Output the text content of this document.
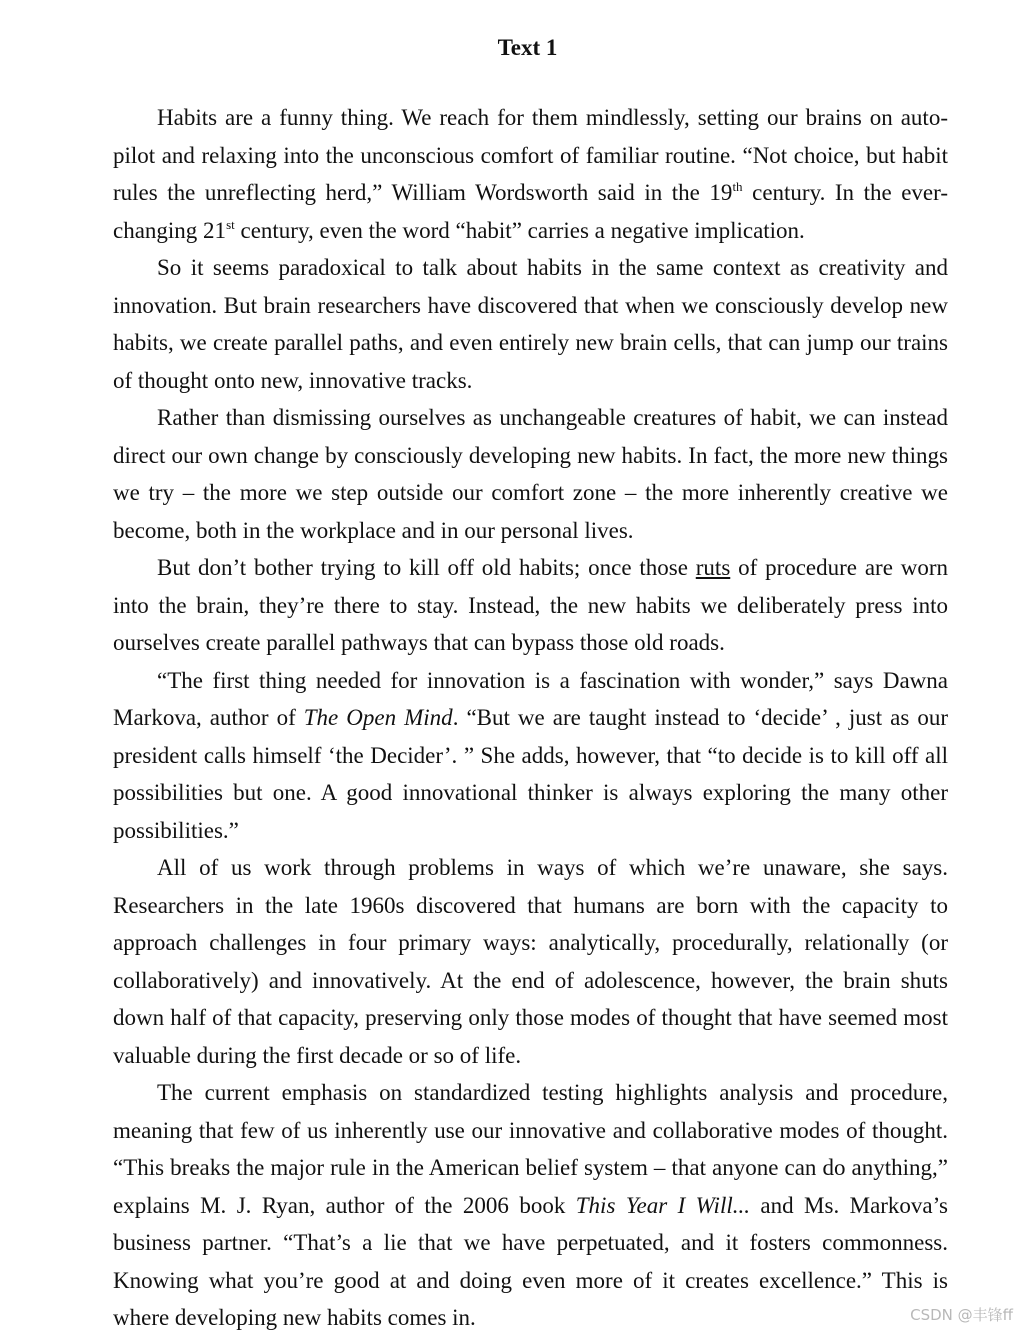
Text 1

Habits are a funny thing. We reach for them mindlessly, setting our brains on auto-pilot and relaxing into the unconscious comfort of familiar routine. “Not choice, but habit rules the unreflecting herd,” William Wordsworth said in the 19th century. In the ever-changing 21st century, even the word “habit” carries a negative implication.

So it seems paradoxical to talk about habits in the same context as creativity and innovation. But brain researchers have discovered that when we consciously develop new habits, we create parallel paths, and even entirely new brain cells, that can jump our trains of thought onto new, innovative tracks.

Rather than dismissing ourselves as unchangeable creatures of habit, we can instead direct our own change by consciously developing new habits. In fact, the more new things we try – the more we step outside our comfort zone – the more inherently creative we become, both in the workplace and in our personal lives.

But don’t bother trying to kill off old habits; once those ruts of procedure are worn into the brain, they’re there to stay. Instead, the new habits we deliberately press into ourselves create parallel pathways that can bypass those old roads.

“The first thing needed for innovation is a fascination with wonder,” says Dawna Markova, author of The Open Mind. “But we are taught instead to ‘decide’ , just as our president calls himself ‘the Decider’. ” She adds, however, that “to decide is to kill off all possibilities but one. A good innovational thinker is always exploring the many other possibilities.”

All of us work through problems in ways of which we’re unaware, she says. Researchers in the late 1960s discovered that humans are born with the capacity to approach challenges in four primary ways: analytically, procedurally, relationally (or collaboratively) and innovatively. At the end of adolescence, however, the brain shuts down half of that capacity, preserving only those modes of thought that have seemed most valuable during the first decade or so of life.

The current emphasis on standardized testing highlights analysis and procedure, meaning that few of us inherently use our innovative and collaborative modes of thought. “This breaks the major rule in the American belief system – that anyone can do anything,” explains M. J. Ryan, author of the 2006 book This Year I Will... and Ms. Markova’s business partner. “That’s a lie that we have perpetuated, and it fosters commonness. Knowing what you’re good at and doing even more of it creates excellence.” This is where developing new habits comes in.	CSDN @丰锋ff
